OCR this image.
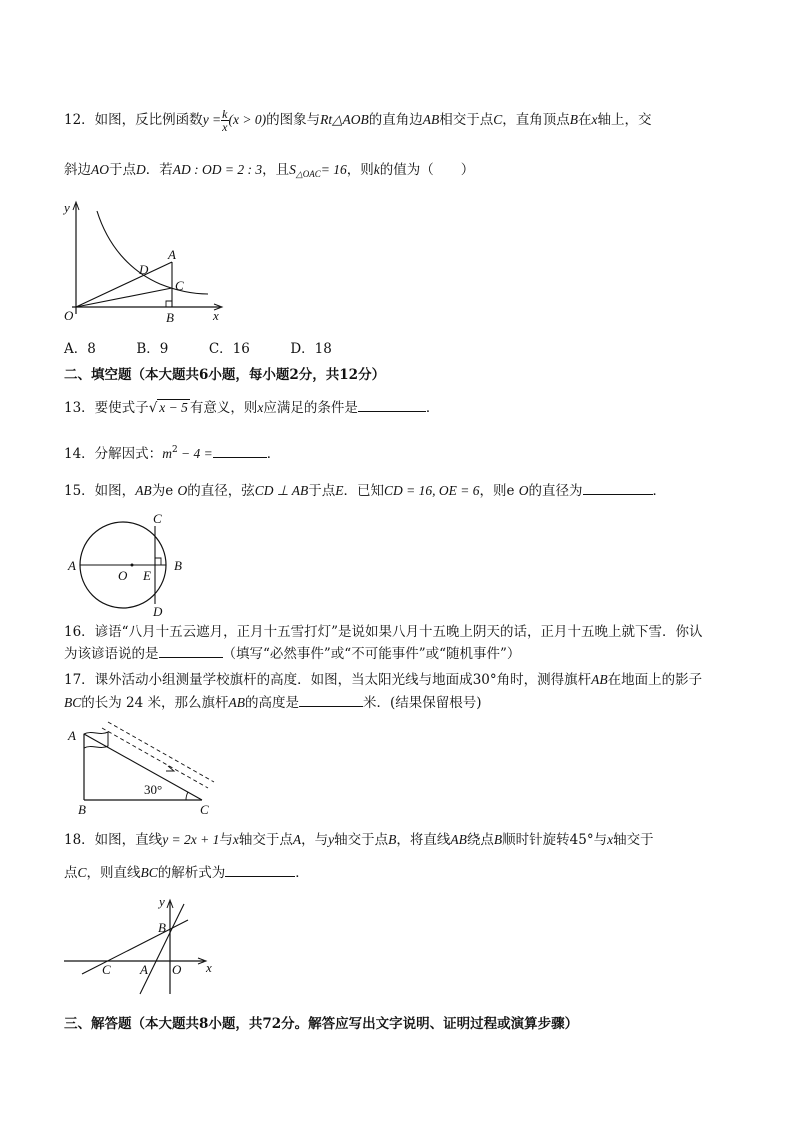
12．如图，反比例函数$y = \frac{k}{x} (x > 0)$的图象与Rt△AOB的直角边AB相交于点C，直角顶点B在x轴上，交
斜边AO于点D．若AD : OD = 2 : 3，且$S_{\triangle OAC}= 16$，则k的值为（　　）
y
x
O
A
B
C
D
A．8　　　B．9　　　C．16　　　D．18
二、填空题（本大题共6小题，每小题2分，共12分）
13．要使式子√ x − 5 有意义，则x应满足的条件是	．
14．分解因式：$m^2 - 4$ =	．
15．如图，AB为e O的直径，弦CD ⊥ AB于点E．已知CD = 16, OE = 6，则e O的直径为	．
A	B
C
D
O E
16．谚语“八月十五云遮月，正月十五雪打灯”是说如果八月十五晚上阴天的话，正月十五晚上就下雪．你认
为该谚语说的是	（填写“必然事件”或“不可能事件”或“随机事件”）
17．课外活动小组测量学校旗杆的高度．如图，当太阳光线与地面成30°角时，测得旗杆AB在地面上的影子
BC的长为 24 米，那么旗杆AB的高度是	米．(结果保留根号)
A
B	C
30°
18．如图，直线y = 2x + 1与x轴交于点A，与y轴交于点B，将直线AB绕点B顺时针旋转45°与x轴交于
点C，则直线BC的解析式为	．
y
x
B
C A O
三、解答题（本大题共8小题，共72分。解答应写出文字说明、证明过程或演算步骤）
